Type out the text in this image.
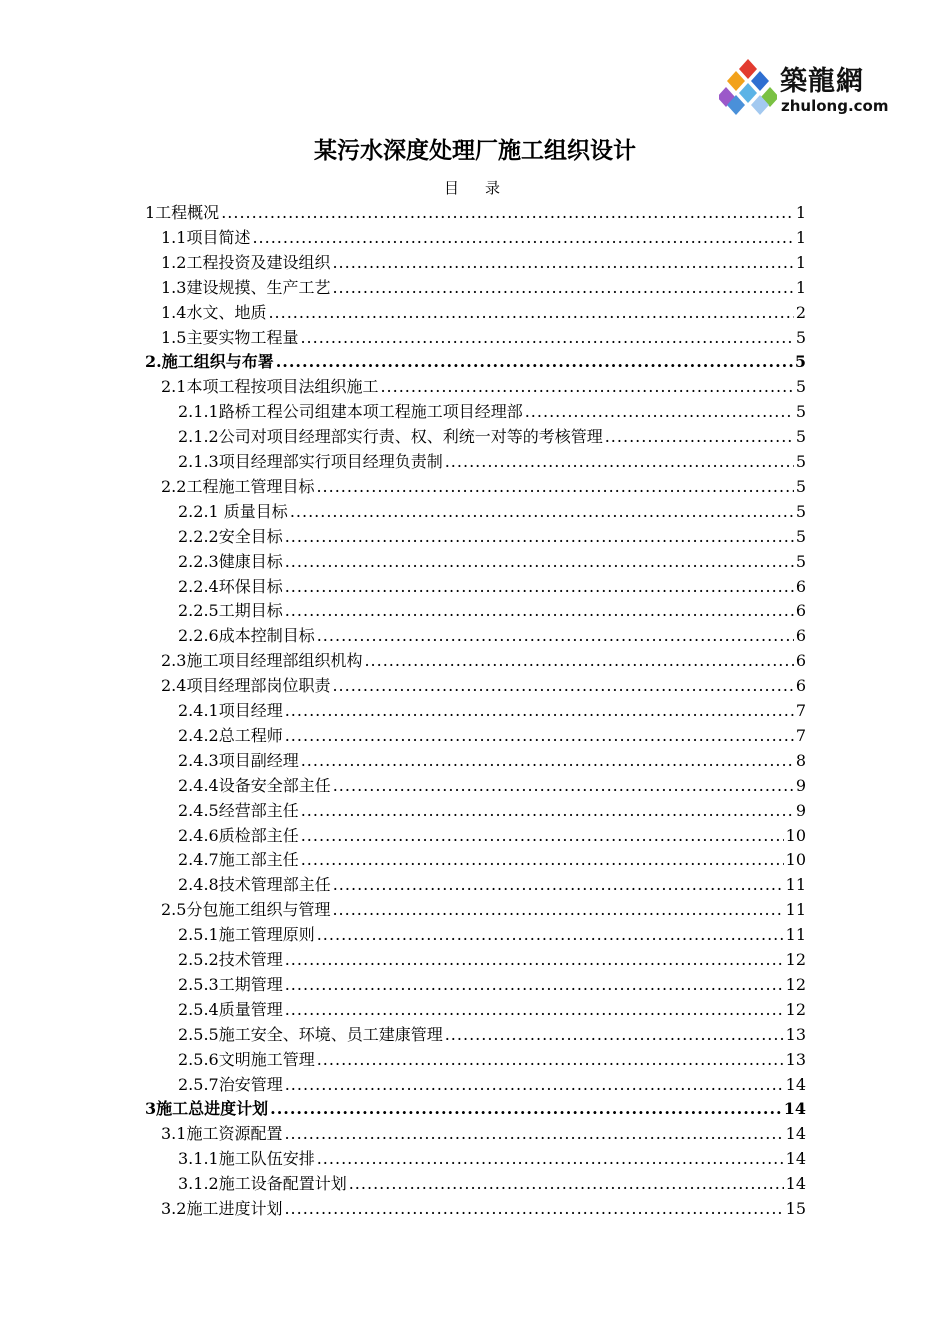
築龍網
zhulong.com
某污水深度处理厂施工组织设计
目录
1工程概况 .....	1
1.1项目简述 .....	1
1.2工程投资及建设组织 .....	1
1.3建设规摸、生产工艺 .....	1
1.4水文、地质 .....	2
1.5主要实物工程量 .....	5
2.施工组织与布署 .....	5
2.1本项工程按项目法组织施工 .....	5
2.1.1路桥工程公司组建本项工程施工项目经理部 .....	5
2.1.2公司对项目经理部实行责、权、利统一对等的考核管理 .....	5
2.1.3项目经理部实行项目经理负责制 .....	5
2.2工程施工管理目标 .....	5
2.2.1 质量目标 .....	5
2.2.2安全目标 .....	5
2.2.3健康目标 .....	5
2.2.4环保目标 .....	6
2.2.5工期目标 .....	6
2.2.6成本控制目标 .....	6
2.3施工项目经理部组织机构 .....	6
2.4项目经理部岗位职责 .....	6
2.4.1项目经理 .....	7
2.4.2总工程师 .....	7
2.4.3项目副经理 .....	8
2.4.4设备安全部主任 .....	9
2.4.5经营部主任 .....	9
2.4.6质检部主任 .....	10
2.4.7施工部主任 .....	10
2.4.8技术管理部主任 .....	11
2.5分包施工组织与管理 .....	11
2.5.1施工管理原则 .....	11
2.5.2技术管理 .....	12
2.5.3工期管理 .....	12
2.5.4质量管理 .....	12
2.5.5施工安全、环境、员工建康管理 .....	13
2.5.6文明施工管理 .....	13
2.5.7治安管理 .....	14
3施工总进度计划 .....	14
3.1施工资源配置 .....	14
3.1.1施工队伍安排 .....	14
3.1.2施工设备配置计划 .....	14
3.2施工进度计划 .....	15
